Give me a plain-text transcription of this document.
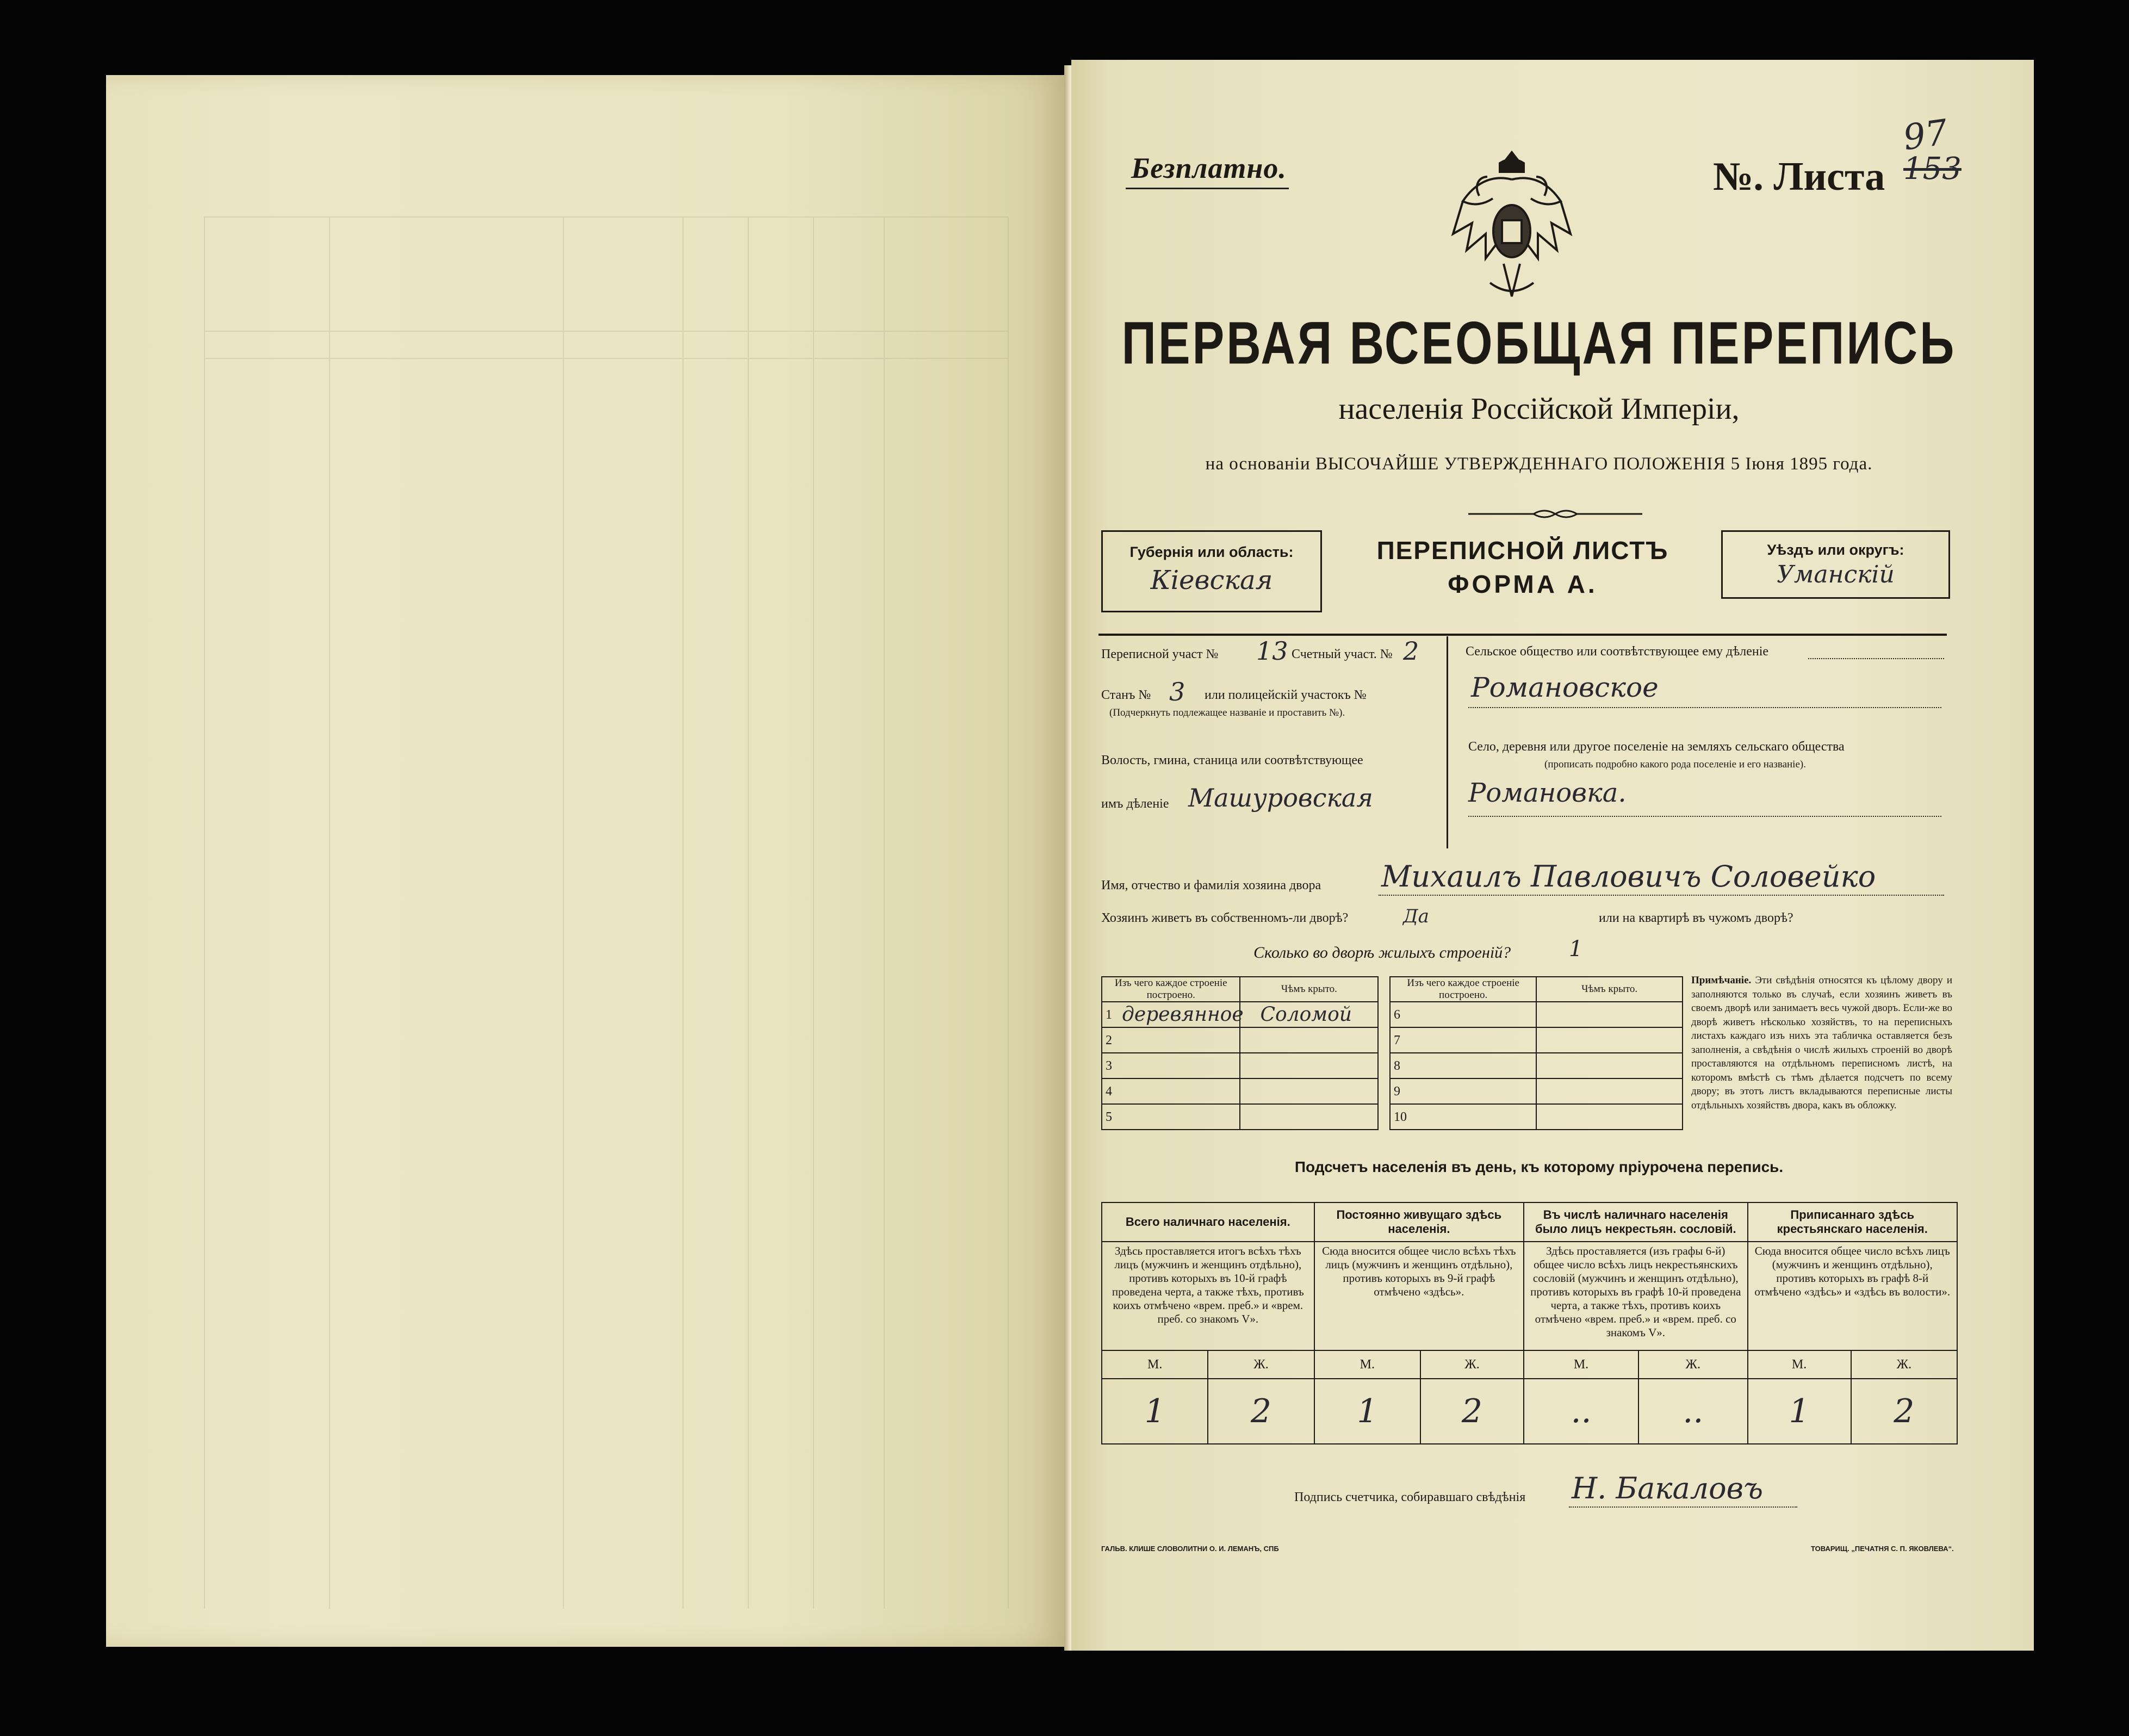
Безплатно.	№. Листа 153
97
ПЕРВАЯ ВСЕОБЩАЯ ПЕРЕПИСЬ
населенія Россійской Имперіи,
на основаніи ВЫСОЧАЙШЕ УТВЕРЖДЕННАГО ПОЛОЖЕНІЯ 5 Іюня 1895 года.
Губернія или область:
Кіевская
ПЕРЕПИСНОЙ ЛИСТЪ
ФОРМА А.
Уѣздъ или округъ:
Уманскій
Переписной участ № 13 Счетный участ. № 2
Станъ № 3 или полицейскій участокъ №
(Подчеркнуть подлежащее названіе и проставить №).
Волость, гмина, станица или соотвѣтствующее
имъ дѣленіе Машуровская
Сельское общество или соотвѣтствующее ему дѣленіе
Романовское
Село, деревня или другое поселеніе на земляхъ сельскаго общества
(прописать подробно какого рода поселеніе и его названіе).
Романовка.
Имя, отчество и фамилія хозяина двора Михаилъ Павловичъ Соловейко
Хозяинъ живетъ въ собственномъ-ли дворѣ?	Да	или на квартирѣ въ чужомъ дворѣ?
Сколько во дворѣ жилыхъ строеній?	1
Изъ чего каждое строеніе построено.	Чѣмъ крыто.		Изъ чего каждое строеніе построено.	Чѣмъ крыто.

1 деревянное	Соломой		6	

2			7	

3			8	

4			9	

5			10	

Примѣчаніе. Эти свѣдѣнія относятся къ цѣлому двору и заполняются только въ случаѣ, если хозяинъ живетъ въ своемъ дворѣ или занимаетъ весь чужой дворъ. Если-же во дворѣ живетъ нѣсколько хозяйствъ, то на переписныхъ листахъ каждаго изъ нихъ эта табличка оставляется безъ заполненія, а свѣдѣнія о числѣ жилыхъ строеній во дворѣ проставляются на отдѣльномъ переписномъ листѣ, на которомъ вмѣстѣ съ тѣмъ дѣлается подсчетъ по всему двору; въ этотъ листъ вкладываются переписные листы отдѣльныхъ хозяйствъ двора, какъ въ обложку.
Подсчетъ населенія въ день, къ которому пріурочена перепись.
Всего наличнаго населенія.		Постоянно живущаго здѣсь населенія.		Въ числѣ наличнаго населенія было лицъ некрестьян. сословій.		Приписаннаго здѣсь крестьянскаго населенія.	
Здѣсь проставляется итогъ всѣхъ тѣхъ лицъ (мужчинъ и женщинъ отдѣльно), противъ которыхъ въ 10-й графѣ проведена черта, а также тѣхъ, противъ коихъ отмѣчено «врем. преб.» и «врем. преб. со знакомъ V».		Сюда вносится общее число всѣхъ тѣхъ лицъ (мужчинъ и женщинъ отдѣльно), противъ которыхъ въ 9-й графѣ отмѣчено «здѣсь».		Здѣсь проставляется (изъ графы 6-й) общее число всѣхъ лицъ некрестьянскихъ сословій (мужчинъ и женщинъ отдѣльно), противъ которыхъ въ графѣ 10-й проведена черта, а также тѣхъ, противъ коихъ отмѣчено «врем. преб.» и «врем. преб. со знакомъ V».		Сюда вносится общее число всѣхъ лицъ (мужчинъ и женщинъ отдѣльно), противъ которыхъ въ графѣ 8-й отмѣчено «здѣсь» и «здѣсь въ волости».	
М.	Ж.	М.	Ж.	М.	Ж.	М.	Ж.
1	2	1	2	..	..	1	2
Подпись счетчика, собиравшаго свѣдѣнія Н. Бакаловъ
ГАЛЬВ. КЛИШЕ СЛОВОЛИТНИ О. И. ЛЕМАНЪ, СПБ	ТОВАРИЩ. „ПЕЧАТНЯ С. П. ЯКОВЛЕВА“.
